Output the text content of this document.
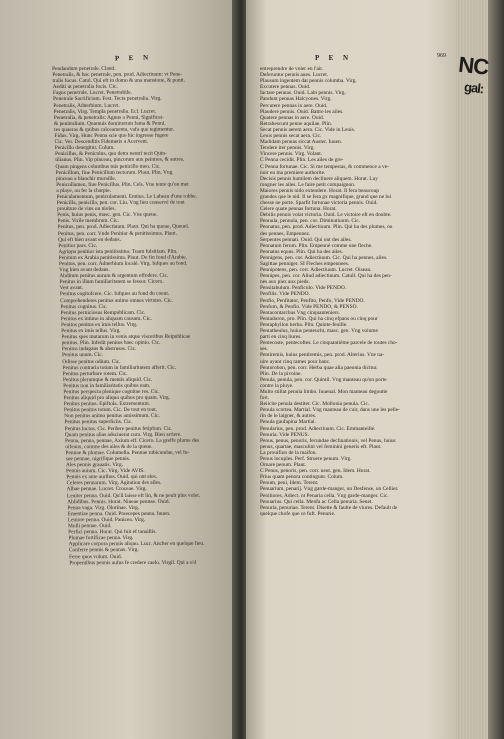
NC
gal:
P E N	P E N	969
Pendandum penetrale. Claud.
Penetralis, & hoc penetrale, pen. prod. Adiectiuum: vt Pene-
tralis focus. Catul. Qui eft in domo & una mansione, & ponit.
Aediti ut penetralia focis. Cic.
Fagus penetrale. Lucret. Penetrabile.
Penetrale Sacrificium. Fest. Tecta penetralia. Virg.
Penetralis, Adnerbium. Lucret.
Penetralis, Virg. Templa penetralia. Ecl. Lucret.
Penetralia, & penetralis: Agnus a Penni, Significat-
& penitralium. Quamuis dominorum fama & Penni.
tes quaeras & quibus calceamenta, vafa que tegimentur.
Fidus. Virg. Hunc Penna scie quo hic ingresse fugere
Cic. Ver. Descenditis Fidemetis a Acervent.
Penicillo detergitur. Colum.
Penicillus, & Peniculus, quo detra neutri tecit Quin-
tilianus. Plin. Vip pinceau, pincorum aux peintres, & autres.
Quam pingens columbus tuis penicillo meo. Cic.
Penicillum, fiue Penicillum tectorum. Plaut. Plin. Vng
pinceau a blanchir muraille.
Penicullamen, fiue Penicillus. Plin. Cels. Vne tente qu'on met
a playe, ou fer la charpie.
Peniculamentum, peniculamenti. Ennius. Le Labeau d'une robbe.
Penicilla, penicilla, pen. cor. Liu. Vng lieu conservé de tout
prouiture de vins ou nioles.
Penis, huius penis, masc. gen. Cic. Vne queue.
Penis. Virile membrum. Cic.
Penitus, pen. prod. Adiectiuum. Plaut. Qui ha queue, Queuel.
Penitus, pen. corr. Vnde Penitior & penitissimus. Plaut.
Qui eft bien avant en dedans.
Penitior pars. Cic.
Agrippa penitior ista penitissimo. Tuam fulsitiam. Plin.
Penitum ex Arabia penitissima. Plaut. De fin fond d'Arabie.
Penitus, pen. corr. Adnerbium localé. Virg. Iufques au fond.
Vng bien avant dedans.
Abditum penitus aurum & argentum effodere. Cic.
Penitus in illum familiaritatem se fessor. Cicero.
Vert avant.
Penitus cogitofcere. Cic. Iufques au fond du coeur.
Comprehenderes penitus animo omnes virtutes. Cic.
Penitus cognitus. Cic.
Penitus perniciosus Rempublicam. Cic.
Penitus ex intimo in aliquam causam. Cic.
Penitus penitus ex imis tellus. Virg.
Penitus ex imis tellus. Virg.
Penitus spes mutarum in venis atque visceribus Reipublicae
penitus. Plin. Infedit penitus haec opinio. Cic.
Penitus indagans & abstrusas. Cic.
Penitus unum. Cic.
Odisse penitus odium. Cic.
Penitus contraria totum in familiaritatem afferit. Cic.
Penitus perturbare rotem. Cic.
Penitus plerumque & mentis aliquid. Cic.
Penitus non in familiaritatis quibus eam.
Penitus perspecta plenique cognitae res. Cic.
Penitus aliquid pro aliquo quibus pro quam. Virg.
Penitus penitus. Epiftola. Extrementum.
Penitus penitus totum. Cic. De tout en tout.
Non penitus animo penitus amissimum. Cic.
Penitus penitus superficiis. Cic.
Penitus luctus. Cic. Perdere penitus fetipfum. Cic.
Quam penitus alias adsciuerat cura. Virg. Bien arriere.
Penna, penna, pennae, Axium eff. Cicero. La greffe plume des
oifeaux, comme des ailes & de la queue.
Pennae & plumae. Columella. Pennae rubicundae, vel fu-
sue pennae, nigrifique pennis.
Ales pennis grauatis. Virg.
Pennis auium. Cic. Virg. Vide AVIS.
Pennis ex ante auribus. Ouid. qui ont eles.
Celeres pennarum. Virg. Agitation des ailes.
Albae pennae. Lucret. Croceae. Virg.
Leuiter penna. Ouid. Qu'il laisse eft lin, & ne peult plus voler.
Ablidibus. Pennis. Horat. Niueae pennae. Ouid.
Penna vaga. Virg. Olorinae. Virg.
Ementiae penna. Ouid. Praecepes penna. Iuuen.
Leuiore penna. Ouid. Panicea. Virg.
Molli pennae. Ouid.
Perfici penna. Horat. Qui fuit ef tanaillis.
Plumae fortificae penna. Virg.
Applicare corpora pennis aliquo. Lucr. Ancher en quelque lieu.
Conferre pennis & pennas. Virg.
Ferre quos volunt. Ouid.
Propentibus pennis aufus fe credere caelo. Virgil. Qui a o'd
entreprendre de voler en l'air.
Deferuntur pennis aues. Lucret.
Plausum ingentem dat pennis columba. Virg.
Excutere pennas. Ouid.
Iactare pennas. Ouid. Labi pennis. Virg.
Pandunt pennas Halcyones. Virg.
Percutere pennas in aere. Ouid.
Plaudere pennis. Ouid. Battre les ailes.
Quatere pennas in aere. Ouid.
Retrahescunt penne aquilae. Plin.
Secat pennis aerem aera. Cic. Vide in Leuis.
Leuis pennis secat aera. Cic.
Madidam pennas siccat Auster. Iuuen.
Tendere iter pennis. Virg.
Vincere pennis. Virg. Volant.
C Penna cecidit. Plin. Les ailes de gre-
C Penna fortunae. Cic. Si me tempestas, & commence a ve-
noir en ma premiere authorite.
Decisis pennis humilem declinere aliquem. Horat. Luy
rongner les ailes. Le faire petit compaignon.
Maiores pennis nido extendere. Horat. Il fera beaucoup
grandes que le nid. Il se fera gx magnifique, grand que ne lui
chesse ne porte. Sparfit fortunae victoria pennis. Ouid.
Celere quate pennas fortuna. Horat.
Debilis pennis volat victoria. Ouid. Le victoire eft en doubte.
Pennula, pennula, pen. cor. Diminutiuum. Cic.
Pennatus, pen. prod. Adiectiuum. Plin. Qui ha des plumes, ou
des pennes, Empennez.
Serpentes pennati. Ouid. Qui ont des ailes.
Pennatum ferum. Plin. Empenné comme une fleche.
Pennatus equus. Plin. Qui ha des ailes.
Pennigens, pen. cor. Adiectiuum. Cic. Qui ha pennes, ailes.
Sagittae penniger. SI Fleches empennees.
Pennipotens, pen. corr. Adiectiuum. Lucret. Oiseau.
Pennipes, pen. cor. Aliud adiectiuum. Catull. Qui ha des pen-
nes aux piez aux pieds.
Pensitabulum. Penficulo. Vide PENDO.
Penfilis. Vide PENDO.
Penfio, Penfitator, Penfito, Penfo, Vide PENDO.
Penfum, & Penfio. Vide PENDO, & PENSO.
Pentacontarchus Vng cinquanteniers.
Pentadoron, pro. Plin. Qui ha cinq efpans ou cinq pour
Pentaphyllon herba. Plin. Quinte-feuille.
Pentatheulus, huius penteucht, masc. gen. Vng volume
parti en cinq liures.
Pentecoste, pentecoftes. Le cinquantiéme parcele de toutes cho-
ses.
Pentiremis, huius pentiremis, pen. prod. Alterius. Vne na-
uire ayant cinq rames pour banc.
Pentorobon, pen. corr. Herba quae alia paeonia dicitur.
Plin. De la pivoine.
Penula, penula, pen. cor. Quintil. Vng manteau qu'on porte
contre la pluye.
Multo stillat penula limbo. Iuuenal. Mon manteau degoutte
fort.
Reiicite penula destiter. Cic. Mollonia penula. Cic.
Penula scortea. Martial. Vng manteau de cuir, dans une les pelle-
rin de le laigner, & autres.
Penula gaufapina Martial.
Penularius, pen. prod. Adiectiuum. Cic. Emmanteillé.
Penuria. Vide PENUS.
Penus, penus, penoris, fecundae declinationis, vel Penus, huius
penus, quartae, masculini vel feminini generis eft. Plaut.
La prouifion de la maifon.
Penus locuples. Perf. Struere penum. Virg.
Ornare penum. Plaut.
C Penus, penoris, pen. corr. neut. gen. Idem. Horat.
Prius quam penora contingunt. Colum.
Penum, peni, Idem. Terent.
Penuarium, penarij. Vng garde-manger, un Desfense, un Cellier.
Penitiores, Adiect. nt Penaria cella. Vng garde-manger. Cic.
Penuarius. Qui cella. Menfa ac Cella penuria. Senet.
Penuria, penuriae. Terent. Disette & faulte de viures. Default de
quelque chofe que ce fuft. Penurie.
